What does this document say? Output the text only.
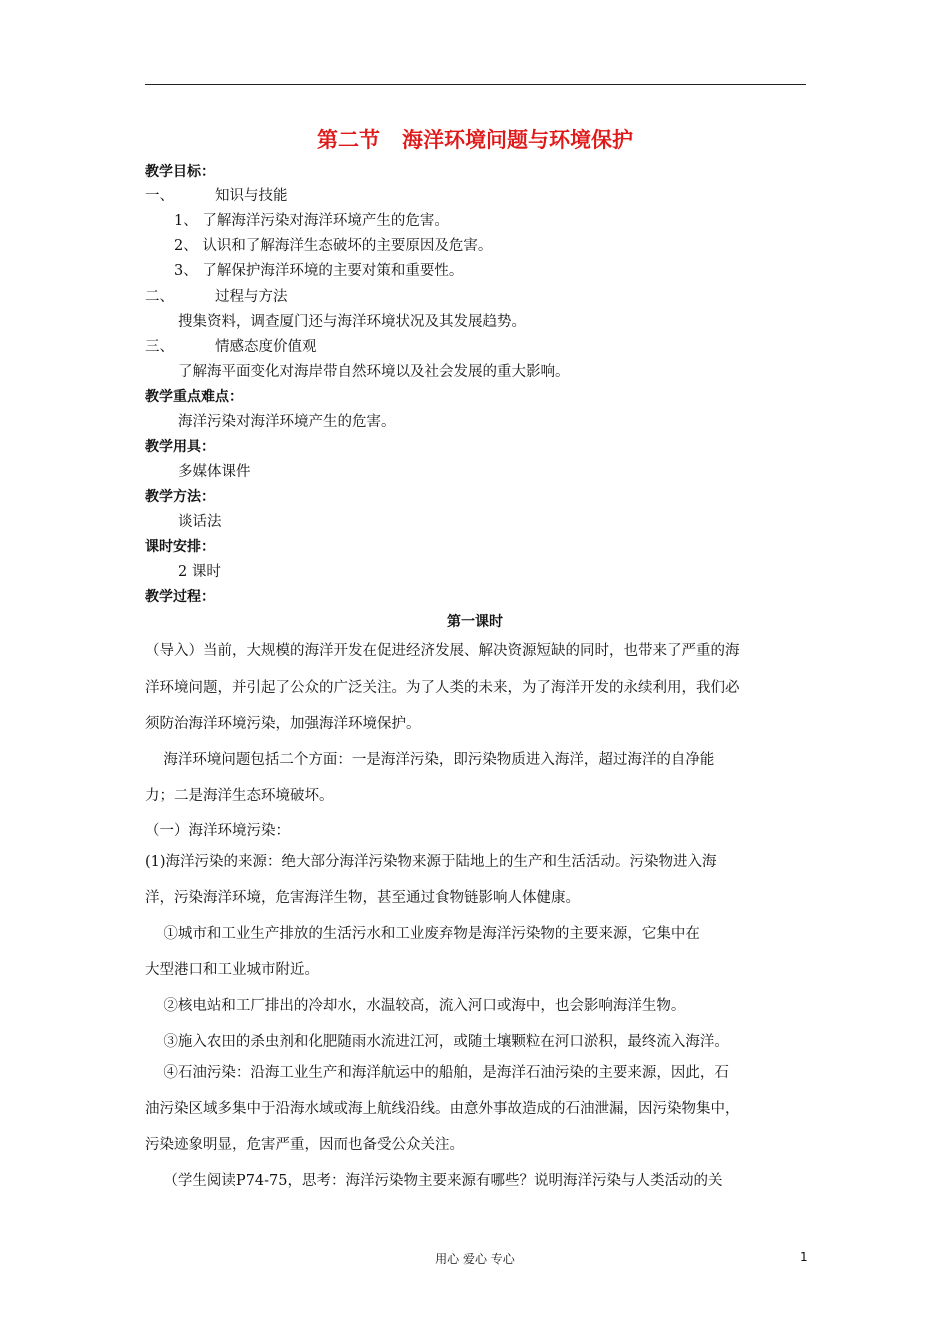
第二节   海洋环境问题与环境保护
教学目标：
一、	知识与技能
1、 了解海洋污染对海洋环境产生的危害。
2、 认识和了解海洋生态破坏的主要原因及危害。
3、 了解保护海洋环境的主要对策和重要性。
二、	过程与方法
搜集资料，调查厦门还与海洋环境状况及其发展趋势。
三、	情感态度价值观
了解海平面变化对海岸带自然环境以及社会发展的重大影响。
教学重点难点：
海洋污染对海洋环境产生的危害。
教学用具：
多媒体课件
教学方法：
谈话法
课时安排：
2 课时
教学过程：
第一课时
（导入）当前，大规模的海洋开发在促进经济发展、解决资源短缺的同时，也带来了严重的海
洋环境问题，并引起了公众的广泛关注。为了人类的未来，为了海洋开发的永续利用，我们必
须防治海洋环境污染，加强海洋环境保护。
海洋环境问题包括二个方面：一是海洋污染，即污染物质进入海洋，超过海洋的自净能
力；二是海洋生态环境破坏。
（一）海洋环境污染：
(1)海洋污染的来源：绝大部分海洋污染物来源于陆地上的生产和生活活动。污染物进入海
洋，污染海洋环境，危害海洋生物，甚至通过食物链影响人体健康。
①城市和工业生产排放的生活污水和工业废弃物是海洋污染物的主要来源，它集中在
大型港口和工业城市附近。
②核电站和工厂排出的冷却水，水温较高，流入河口或海中，也会影响海洋生物。
③施入农田的杀虫剂和化肥随雨水流进江河，或随土壤颗粒在河口淤积，最终流入海洋。
④石油污染：沿海工业生产和海洋航运中的船舶，是海洋石油污染的主要来源，因此，石
油污染区域多集中于沿海水域或海上航线沿线。由意外事故造成的石油泄漏，因污染物集中，
污染迹象明显，危害严重，因而也备受公众关注。
（学生阅读P74-75，思考：海洋污染物主要来源有哪些？说明海洋污染与人类活动的关
用心 爱心 专心	1
